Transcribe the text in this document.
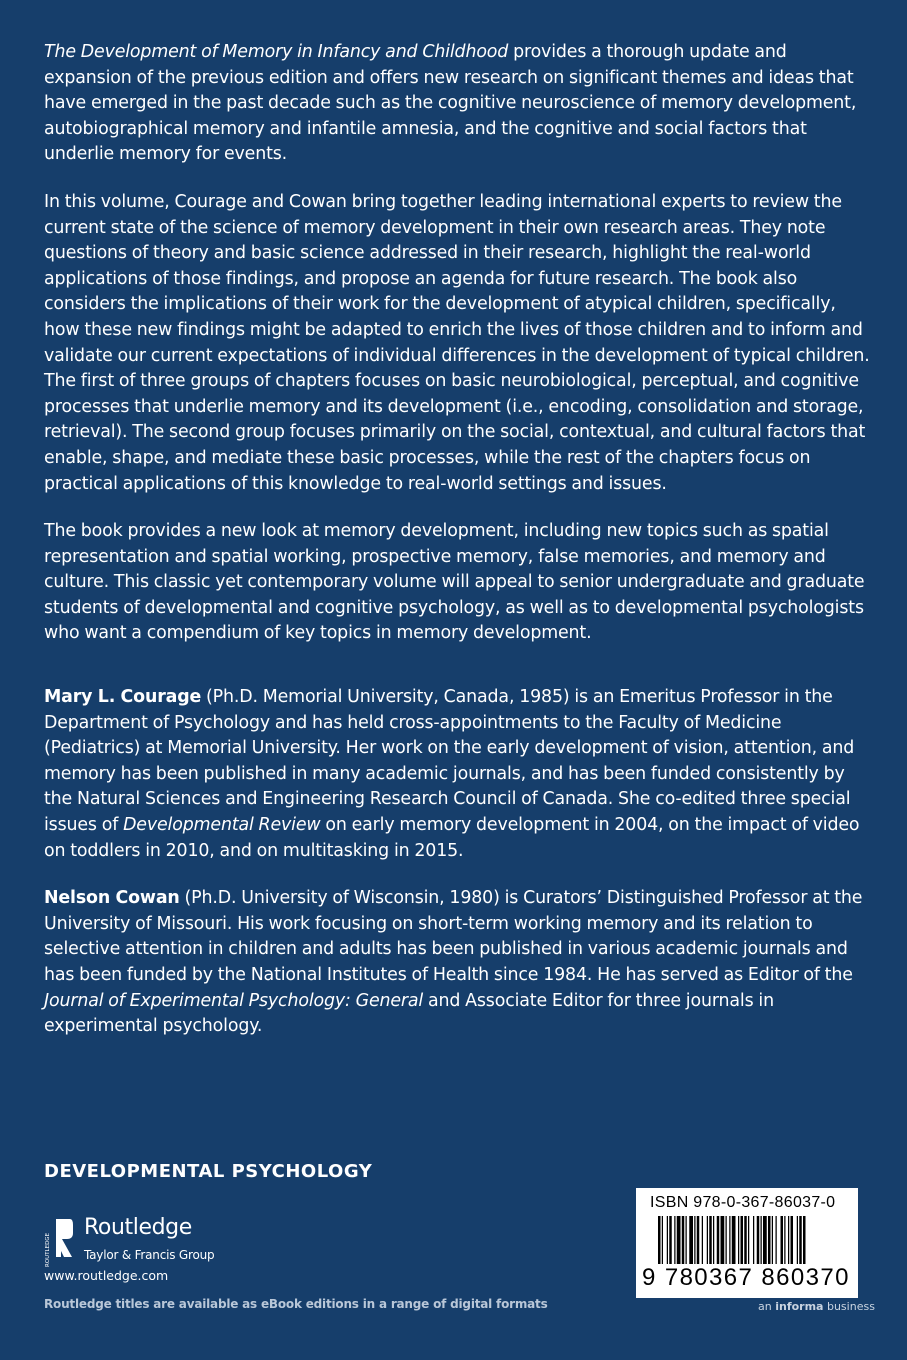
The Development of Memory in Infancy and Childhood provides a thorough update and expansion of the previous edition and offers new research on significant themes and ideas that have emerged in the past decade such as the cognitive neuroscience of memory development, autobiographical memory and infantile amnesia, and the cognitive and social factors that underlie memory for events.

In this volume, Courage and Cowan bring together leading international experts to review the current state of the science of memory development in their own research areas. They note questions of theory and basic science addressed in their research, highlight the real-world applications of those findings, and propose an agenda for future research. The book also considers the implications of their work for the development of atypical children, specifically, how these new findings might be adapted to enrich the lives of those children and to inform and validate our current expectations of individual differences in the development of typical children. The first of three groups of chapters focuses on basic neurobiological, perceptual, and cognitive processes that underlie memory and its development (i.e., encoding, consolidation and storage, retrieval). The second group focuses primarily on the social, contextual, and cultural factors that enable, shape, and mediate these basic processes, while the rest of the chapters focus on practical applications of this knowledge to real-world settings and issues.

The book provides a new look at memory development, including new topics such as spatial representation and spatial working, prospective memory, false memories, and memory and culture. This classic yet contemporary volume will appeal to senior undergraduate and graduate students of developmental and cognitive psychology, as well as to developmental psychologists who want a compendium of key topics in memory development.

Mary L. Courage (Ph.D. Memorial University, Canada, 1985) is an Emeritus Professor in the Department of Psychology and has held cross-appointments to the Faculty of Medicine (Pediatrics) at Memorial University. Her work on the early development of vision, attention, and memory has been published in many academic journals, and has been funded consistently by the Natural Sciences and Engineering Research Council of Canada. She co-edited three special issues of Developmental Review on early memory development in 2004, on the impact of video on toddlers in 2010, and on multitasking in 2015.

Nelson Cowan (Ph.D. University of Wisconsin, 1980) is Curators’ Distinguished Professor at the University of Missouri. His work focusing on short-term working memory and its relation to selective attention in children and adults has been published in various academic journals and has been funded by the National Institutes of Health since 1984. He has served as Editor of the Journal of Experimental Psychology: General and Associate Editor for three journals in experimental psychology.

DEVELOPMENTAL PSYCHOLOGY
ROUTLEDGE
Routledge
Taylor & Francis Group
www.routledge.com
Routledge titles are available as eBook editions in a range of digital formats
ISBN 978-0-367-86037-0
9 780367 860370
an informa business
